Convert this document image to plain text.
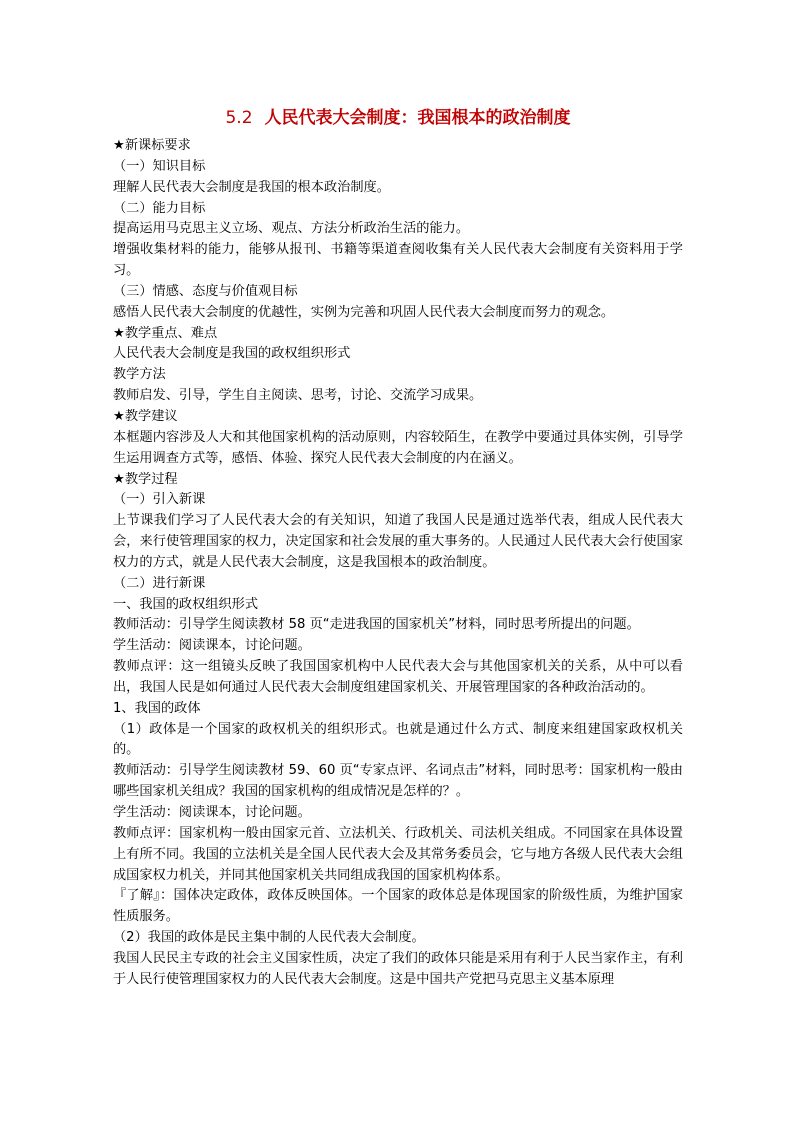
5.2 人民代表大会制度：我国根本的政治制度

★新课标要求

（一）知识目标

理解人民代表大会制度是我国的根本政治制度。

（二）能力目标

提高运用马克思主义立场、观点、方法分析政治生活的能力。

增强收集材料的能力，能够从报刊、书籍等渠道查阅收集有关人民代表大会制度有关资料用于学习。

（三）情感、态度与价值观目标

感悟人民代表大会制度的优越性，实例为完善和巩固人民代表大会制度而努力的观念。

★教学重点、难点

人民代表大会制度是我国的政权组织形式

教学方法

教师启发、引导，学生自主阅读、思考，讨论、交流学习成果。

★教学建议

本框题内容涉及人大和其他国家机构的活动原则，内容较陌生，在教学中要通过具体实例，引导学生运用调查方式等，感悟、体验、探究人民代表大会制度的内在涵义。

★教学过程

（一）引入新课

上节课我们学习了人民代表大会的有关知识，知道了我国人民是通过选举代表，组成人民代表大会，来行使管理国家的权力，决定国家和社会发展的重大事务的。人民通过人民代表大会行使国家权力的方式，就是人民代表大会制度，这是我国根本的政治制度。

（二）进行新课

一、我国的政权组织形式

教师活动：引导学生阅读教材 58 页“走进我国的国家机关”材料，同时思考所提出的问题。

学生活动：阅读课本，讨论问题。

教师点评：这一组镜头反映了我国国家机构中人民代表大会与其他国家机关的关系，从中可以看出，我国人民是如何通过人民代表大会制度组建国家机关、开展管理国家的各种政治活动的。

1、我国的政体

（1）政体是一个国家的政权机关的组织形式。也就是通过什么方式、制度来组建国家政权机关的。

教师活动：引导学生阅读教材 59、60 页“专家点评、名词点击”材料，同时思考：国家机构一般由哪些国家机关组成？我国的国家机构的组成情况是怎样的？。

学生活动：阅读课本，讨论问题。

教师点评：国家机构一般由国家元首、立法机关、行政机关、司法机关组成。不同国家在具体设置上有所不同。我国的立法机关是全国人民代表大会及其常务委员会，它与地方各级人民代表大会组成国家权力机关，并同其他国家机关共同组成我国的国家机构体系。

『了解』：国体决定政体，政体反映国体。一个国家的政体总是体现国家的阶级性质，为维护国家性质服务。

（2）我国的政体是民主集中制的人民代表大会制度。

我国人民民主专政的社会主义国家性质，决定了我们的政体只能是采用有利于人民当家作主，有利于人民行使管理国家权力的人民代表大会制度。这是中国共产党把马克思主义基本原理
